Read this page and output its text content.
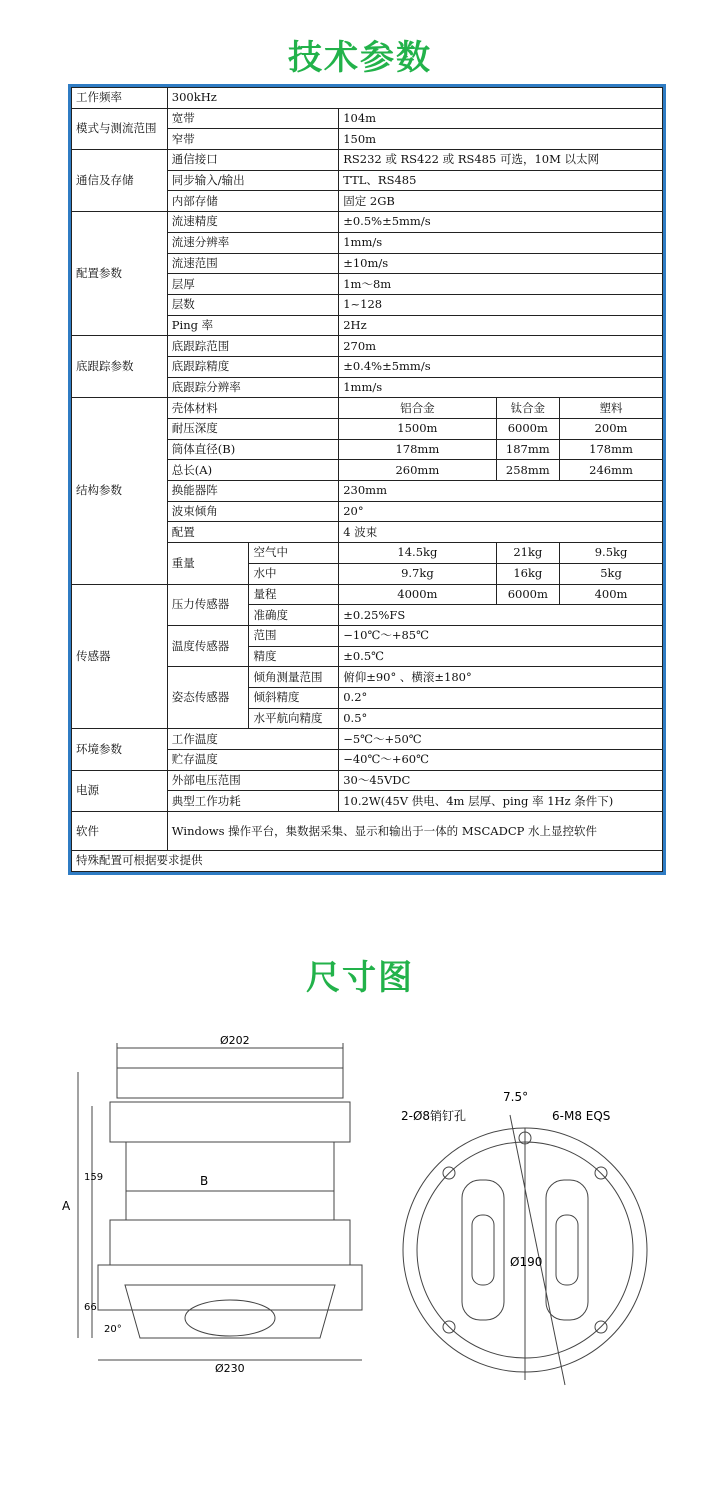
技术参数
工作频率	300kHz				
模式与测流范围	宽带		104m		
	窄带		150m		
通信及存储	通信接口		RS232 或 RS422 或 RS485 可选，10M 以太网		
	同步输入/输出		TTL、RS485		
	内部存储		固定 2GB		
配置参数	流速精度		±0.5%±5mm/s		
	流速分辨率		1mm/s		
	流速范围		±10m/s		
	层厚		1m～8m		
	层数		1~128		
	Ping 率		2Hz		
底跟踪参数	底跟踪范围		270m		
	底跟踪精度		±0.4%±5mm/s		
	底跟踪分辨率		1mm/s		
结构参数	壳体材料		铝合金	钛合金	塑料
	耐压深度		1500m	6000m	200m
	筒体直径(B)		178mm	187mm	178mm
	总长(A)		260mm	258mm	246mm
	换能器阵		230mm		
	波束倾角		20°		
	配置		4 波束		
	重量	空气中	14.5kg	21kg	9.5kg
		水中	9.7kg	16kg	5kg
传感器	压力传感器	量程	4000m	6000m	400m
		准确度	±0.25%FS		
	温度传感器	范围	−10℃～+85℃		
		精度	±0.5℃		
	姿态传感器	倾角测量范围	俯仰±90° 、横滚±180°		
		倾斜精度	0.2°		
		水平航向精度	0.5°		
环境参数	工作温度		−5℃～+50℃		
	贮存温度		−40℃～+60℃		
电源	外部电压范围		30～45VDC		
	典型工作功耗		10.2W(45V 供电、4m 层厚、ping 率 1Hz 条件下)		
软件	Windows 操作平台，集数据采集、显示和输出于一体的 MSCADCP 水上显控软件				
特殊配置可根据要求提供					
尺寸图
Ø202
B
A
159
66
20°
Ø230
2-Ø8销钉孔
7.5°
6-M8 EQS
Ø190
